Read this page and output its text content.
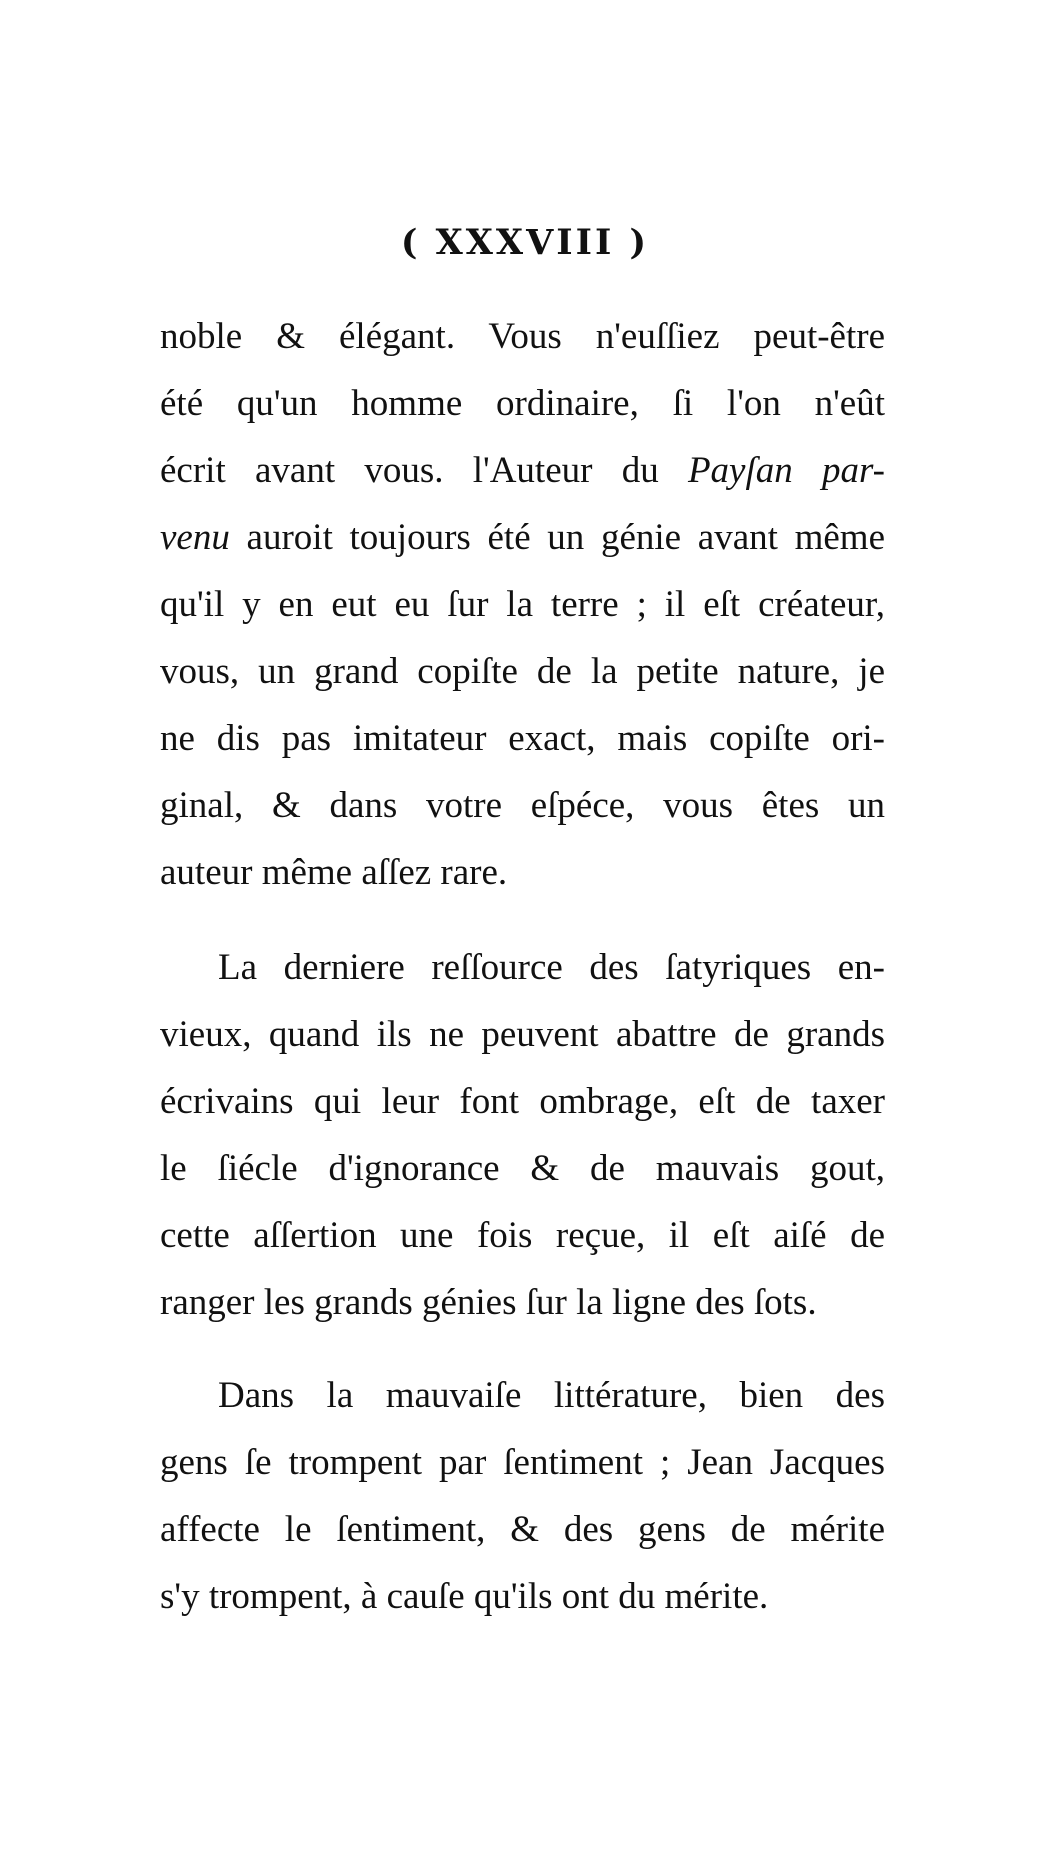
( XXXVIII )
noble & élégant. Vous n'euſſiez peut-être
été qu'un homme ordinaire, ſi l'on n'eût
écrit avant vous. l'Auteur du Payſan par-
venu auroit toujours été un génie avant même
qu'il y en eut eu ſur la terre ; il eſt créateur,
vous, un grand copiſte de la petite nature, je
ne dis pas imitateur exact, mais copiſte ori-
ginal, & dans votre eſpéce, vous êtes un
auteur même aſſez rare.
La derniere reſſource des ſatyriques en-
vieux, quand ils ne peuvent abattre de grands
écrivains qui leur font ombrage, eſt de taxer
le ſiécle d'ignorance & de mauvais gout,
cette aſſertion une fois reçue, il eſt aiſé de
ranger les grands génies ſur la ligne des ſots.
Dans la mauvaiſe littérature, bien des
gens ſe trompent par ſentiment ; Jean Jacques
affecte le ſentiment, & des gens de mérite
s'y trompent, à cauſe qu'ils ont du mérite.
